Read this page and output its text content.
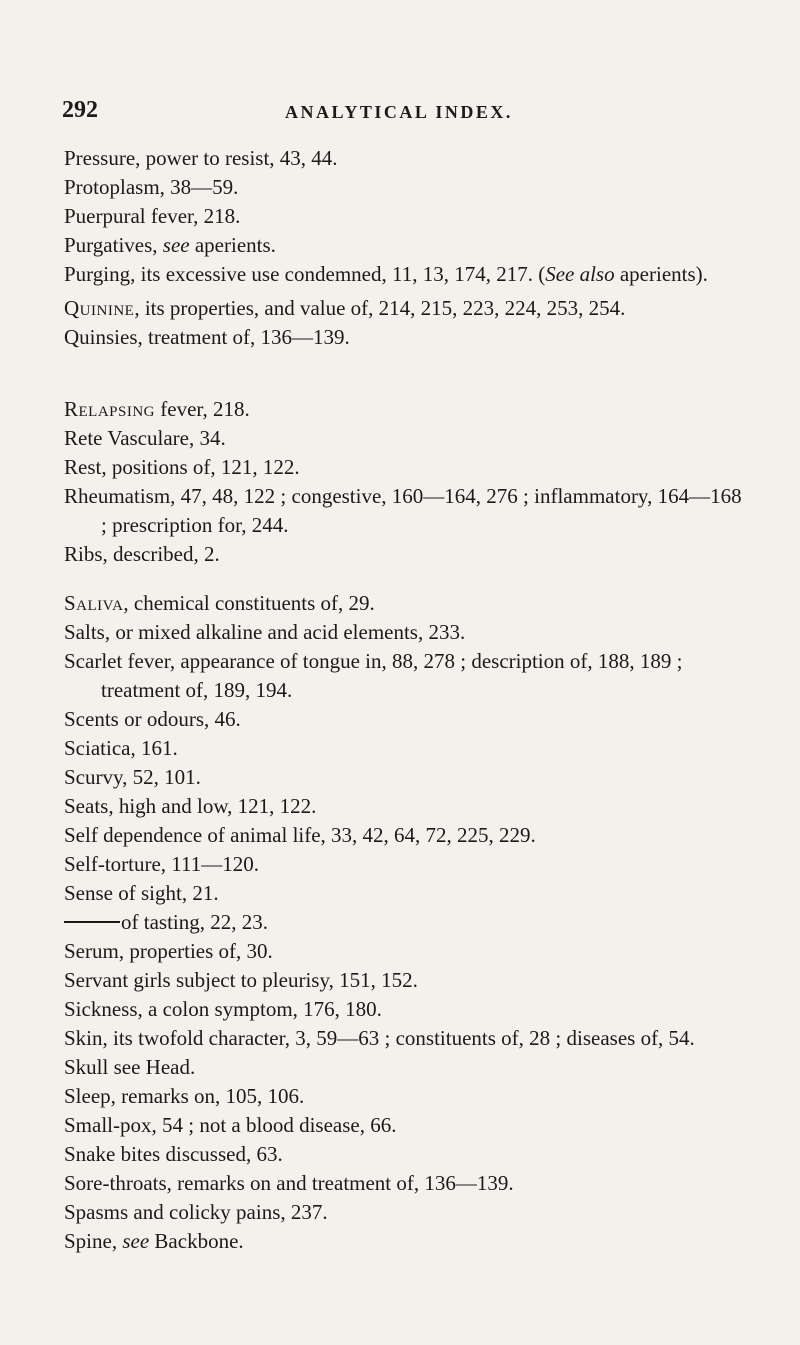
292	ANALYTICAL INDEX.

Pressure, power to resist, 43, 44.

Protoplasm, 38—59.

Puerpural fever, 218.

Purgatives, see aperients.

Purging, its excessive use condemned, 11, 13, 174, 217. (See also aperients).

Quinine, its properties, and value of, 214, 215, 223, 224, 253, 254.

Quinsies, treatment of, 136—139.

Relapsing fever, 218.

Rete Vasculare, 34.

Rest, positions of, 121, 122.

Rheumatism, 47, 48, 122 ; congestive, 160—164, 276 ; inflammatory, 164—168 ; prescription for, 244.

Ribs, described, 2.

Saliva, chemical constituents of, 29.

Salts, or mixed alkaline and acid elements, 233.

Scarlet fever, appearance of tongue in, 88, 278 ; description of, 188, 189 ; treatment of, 189, 194.

Scents or odours, 46.

Sciatica, 161.

Scurvy, 52, 101.

Seats, high and low, 121, 122.

Self dependence of animal life, 33, 42, 64, 72, 225, 229.

Self-torture, 111—120.

Sense of sight, 21.

of tasting, 22, 23.

Serum, properties of, 30.

Servant girls subject to pleurisy, 151, 152.

Sickness, a colon symptom, 176, 180.

Skin, its twofold character, 3, 59—63 ; constituents of, 28 ; diseases of, 54.

Skull see Head.

Sleep, remarks on, 105, 106.

Small-pox, 54 ; not a blood disease, 66.

Snake bites discussed, 63.

Sore-throats, remarks on and treatment of, 136—139.

Spasms and colicky pains, 237.

Spine, see Backbone.
